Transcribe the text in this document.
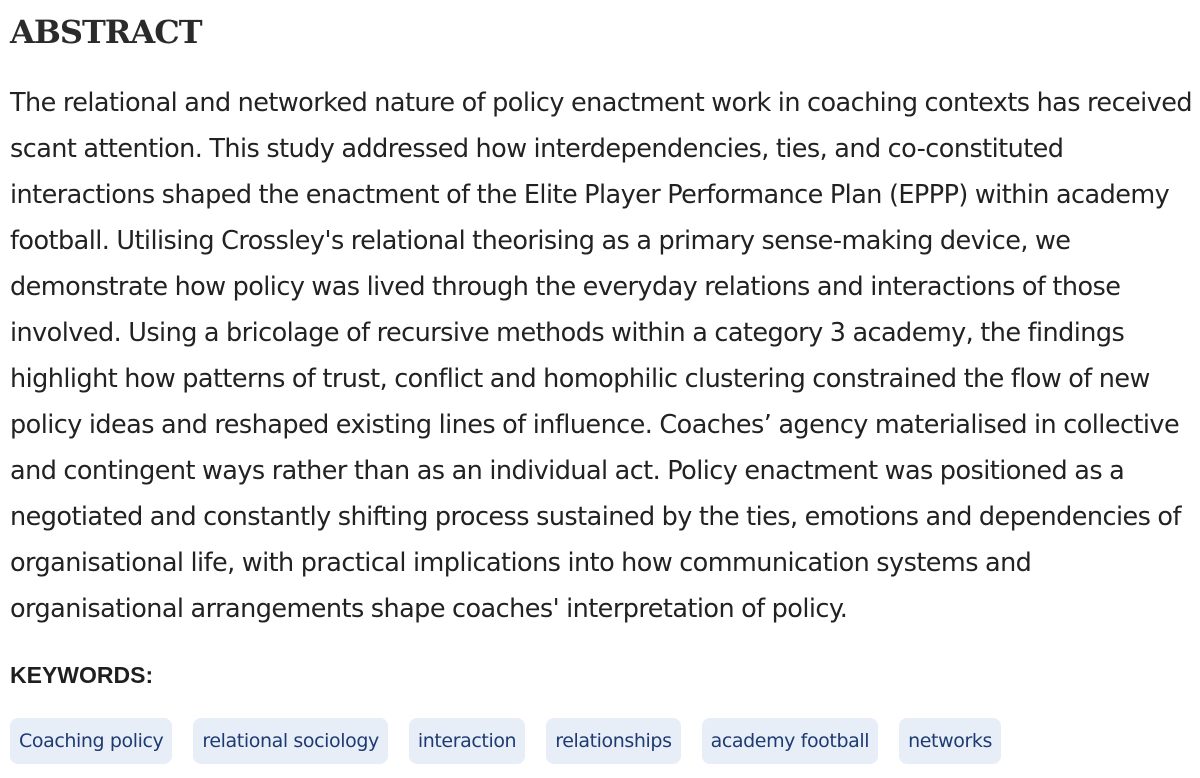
ABSTRACT

The relational and networked nature of policy enactment work in coaching contexts has received
scant attention. This study addressed how interdependencies, ties, and co-constituted
interactions shaped the enactment of the Elite Player Performance Plan (EPPP) within academy
football. Utilising Crossley's relational theorising as a primary sense-making device, we
demonstrate how policy was lived through the everyday relations and interactions of those
involved. Using a bricolage of recursive methods within a category 3 academy, the findings
highlight how patterns of trust, conflict and homophilic clustering constrained the flow of new
policy ideas and reshaped existing lines of influence. Coaches’ agency materialised in collective
and contingent ways rather than as an individual act. Policy enactment was positioned as a
negotiated and constantly shifting process sustained by the ties, emotions and dependencies of
organisational life, with practical implications into how communication systems and
organisational arrangements shape coaches' interpretation of policy.

KEYWORDS:
Coaching policy	relational sociology	interaction	relationships	academy football	networks
